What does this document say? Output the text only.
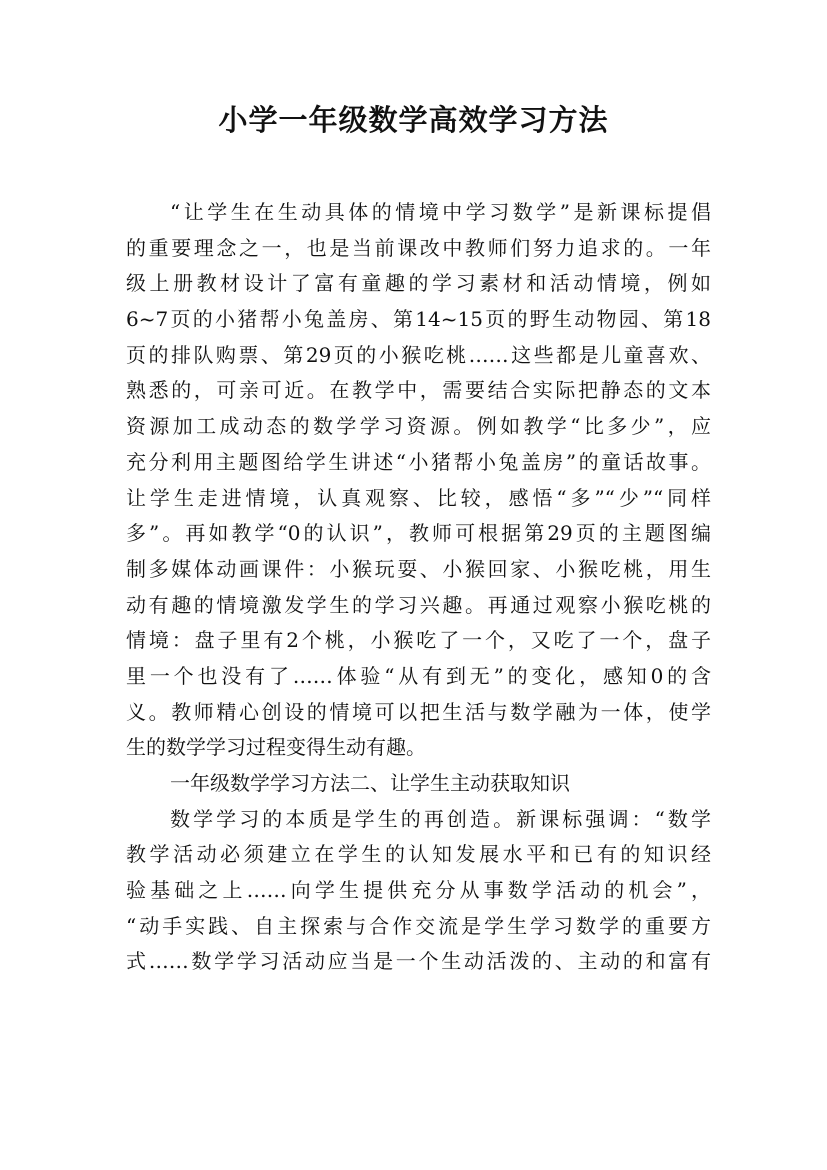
小学一年级数学高效学习方法
“让学生在生动具体的情境中学习数学”是新课标提倡
的重要理念之一，也是当前课改中教师们努力追求的。一年
级上册教材设计了富有童趣的学习素材和活动情境，例如
6~7页的小猪帮小兔盖房、第14~15页的野生动物园、第18
页的排队购票、第29页的小猴吃桃……这些都是儿童喜欢、
熟悉的，可亲可近。在教学中，需要结合实际把静态的文本
资源加工成动态的数学学习资源。例如教学“比多少”，应
充分利用主题图给学生讲述“小猪帮小兔盖房”的童话故事。
让学生走进情境，认真观察、比较，感悟“多”“少”“同样
多”。再如教学“0的认识”，教师可根据第29页的主题图编
制多媒体动画课件：小猴玩耍、小猴回家、小猴吃桃，用生
动有趣的情境激发学生的学习兴趣。再通过观察小猴吃桃的
情境：盘子里有2个桃，小猴吃了一个，又吃了一个，盘子
里一个也没有了……体验“从有到无”的变化，感知0的含
义。教师精心创设的情境可以把生活与数学融为一体，使学
生的数学学习过程变得生动有趣。
一年级数学学习方法二、让学生主动获取知识
数学学习的本质是学生的再创造。新课标强调：“数学
教学活动必须建立在学生的认知发展水平和已有的知识经
验基础之上……向学生提供充分从事数学活动的机会”，
“动手实践、自主探索与合作交流是学生学习数学的重要方
式……数学学习活动应当是一个生动活泼的、主动的和富有
